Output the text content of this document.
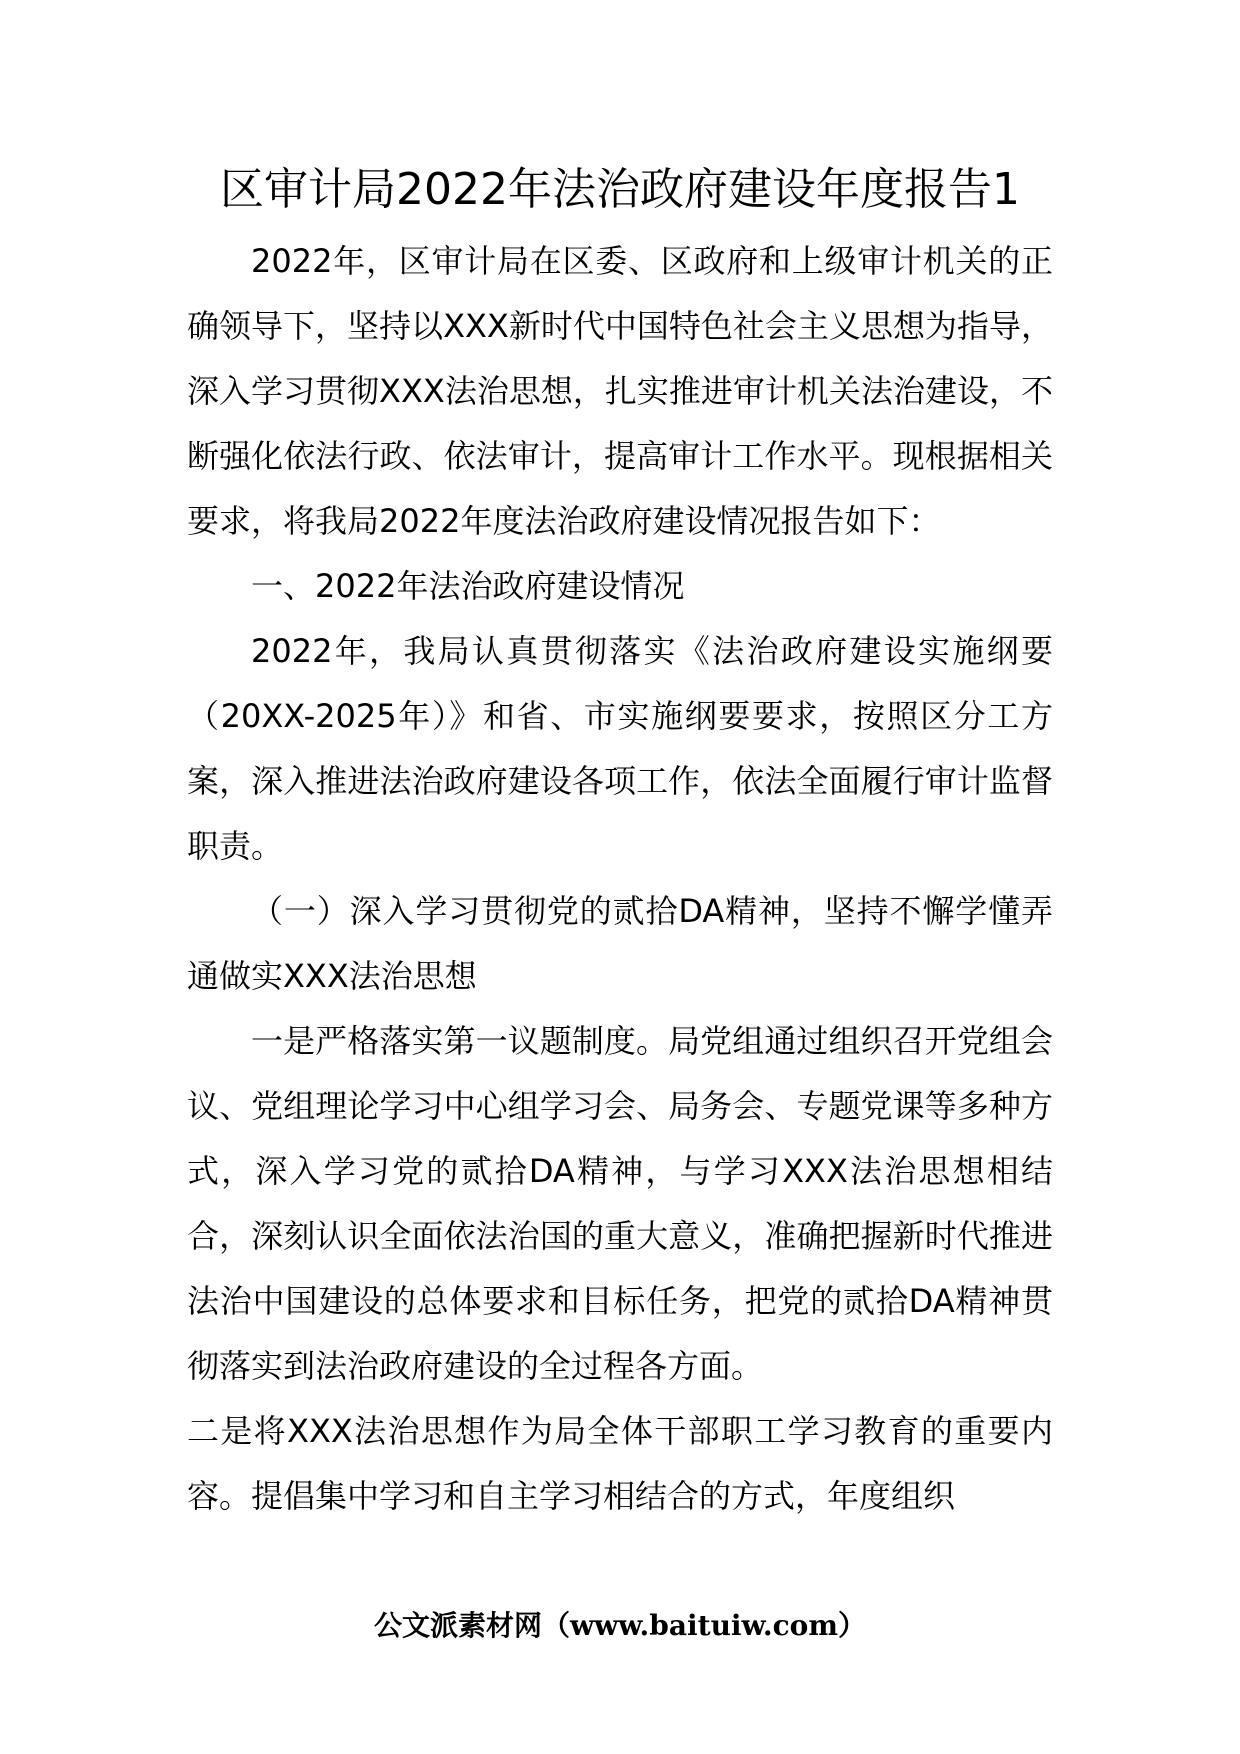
区审计局2022年法治政府建设年度报告1

2022年，区审计局在区委、区政府和上级审计机关的正确领导下，坚持以XXX新时代中国特色社会主义思想为指导，深入学习贯彻XXX法治思想，扎实推进审计机关法治建设，不断强化依法行政、依法审计，提高审计工作水平。现根据相关要求，将我局2022年度法治政府建设情况报告如下：

一、2022年法治政府建设情况

2022年，我局认真贯彻落实《法治政府建设实施纲要（20XX-2025年）》和省、市实施纲要要求，按照区分工方案，深入推进法治政府建设各项工作，依法全面履行审计监督职责。

（一）深入学习贯彻党的贰拾DA精神，坚持不懈学懂弄通做实XXX法治思想

一是严格落实第一议题制度。局党组通过组织召开党组会议、党组理论学习中心组学习会、局务会、专题党课等多种方式，深入学习党的贰拾DA精神，与学习XXX法治思想相结合，深刻认识全面依法治国的重大意义，准确把握新时代推进法治中国建设的总体要求和目标任务，把党的贰拾DA精神贯彻落实到法治政府建设的全过程各方面。

二是将XXX法治思想作为局全体干部职工学习教育的重要内容。提倡集中学习和自主学习相结合的方式，年度组织

公文派素材网（www.baituiw.com）
